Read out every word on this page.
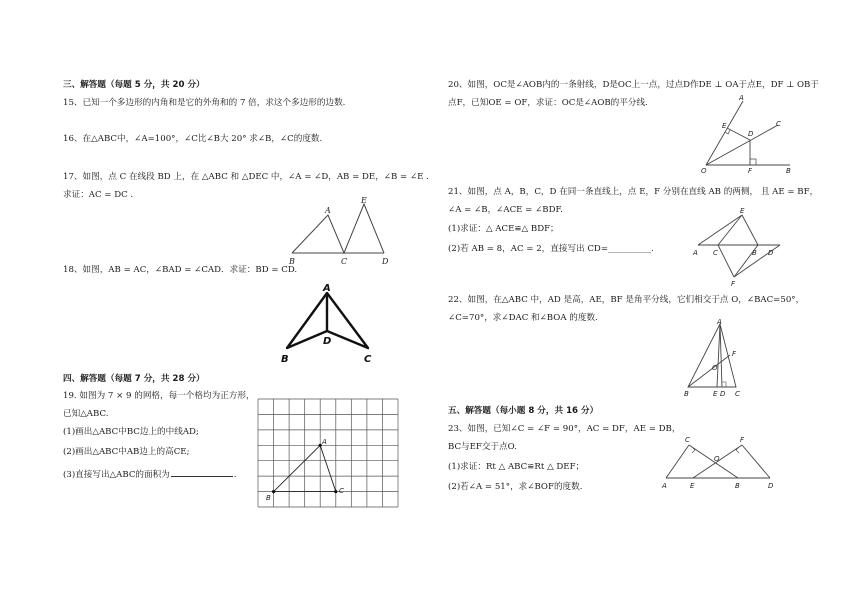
三、解答题（每题 5 分，共 20 分）
15、已知一个多边形的内角和是它的外角和的 7 倍，求这个多边形的边数.
16、在△ABC中，∠A=100°，∠C比∠B大 20° 求∠B，∠C的度数.
17、如图，点 C 在线段 BD 上，在 △ABC 和 △DEC 中，∠A = ∠D，AB = DE，∠B = ∠E .
求证：AC = DC .
A
E
B	C	D
18、如图，AB = AC，∠BAD = ∠CAD．求证：BD = CD.
A
D
B	C
四、解答题（每题 7 分，共 28 分）
19. 如图为 7 × 9 的网格，每一个格均为正方形，
已知△ABC.
(1)画出△ABC中BC边上的中线AD;
(2)画出△ABC中AB边上的高CE;
(3)直接写出△ABC的面积为	.
A
B
C
20、如图，OC是∠AOB内的一条射线，D是OC上一点，过点D作DE ⊥ OA于点E，DF ⊥ OB于
点F，已知OE = OF，求证：OC是∠AOB的平分线.	A
C
E
D
O	F	B
21、如图，点 A，B，C，D 在同一条直线上，点 E，F 分别在直线 AB 的两侧， 且 AE = BF，
∠A = ∠B，∠ACE = ∠BDF.
(1)求证：△ ACE≌△ BDF；
(2)若 AB = 8，AC = 2，直接写出 CD=__________.
E
A C	B D
F
22、如图，在△ABC 中，AD 是高，AE，BF 是角平分线，它们相交于点 O，∠BAC=50°，
∠C=70°，求∠DAC 和∠BOA 的度数.	A
F
O
B	E D C
五、解答题（每小题 8 分，共 16 分）
23、如图，已知∠C = ∠F = 90°，AC = DF，AE = DB，
BC与EF交于点O.
(1)求证：Rt △ ABC≌Rt △ DEF；
(2)若∠A = 51°，求∠BOF的度数.
C	F
O
A	E	B	D
